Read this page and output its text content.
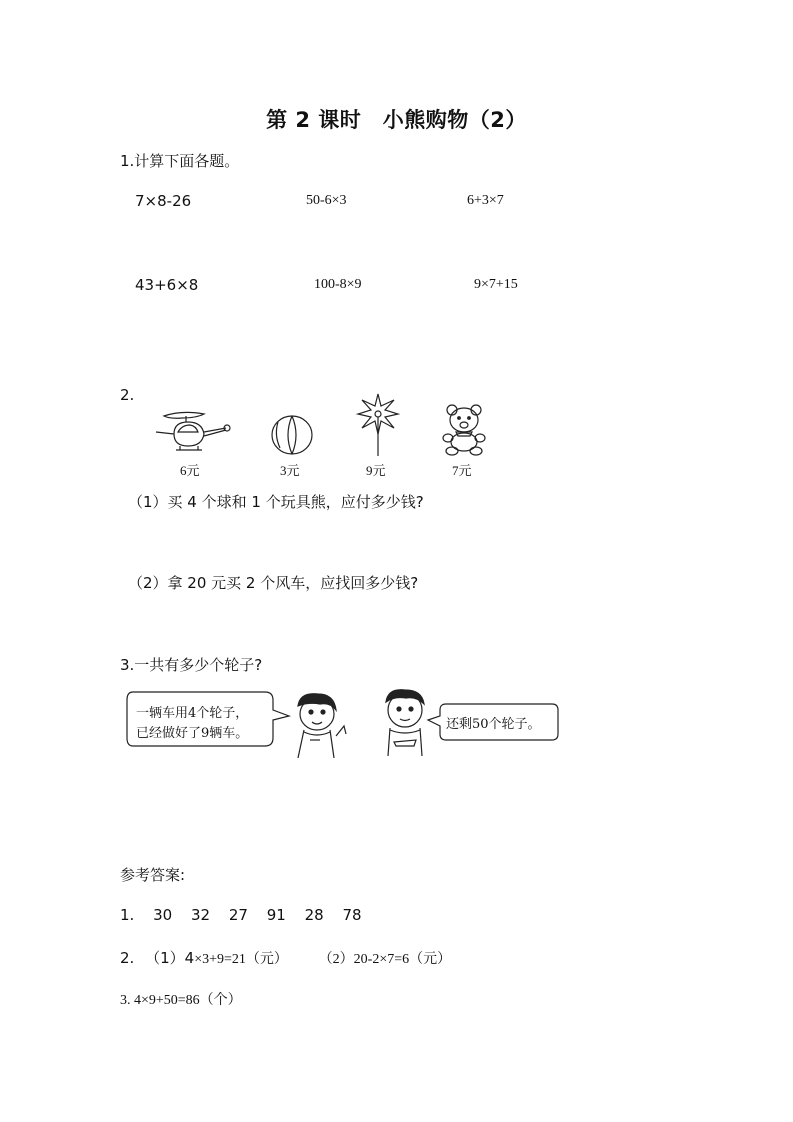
第 2 课时　小熊购物（2）
1.计算下面各题。
7×8-26	50-6×3	6+3×7
43+6×8	100-8×9	9×7+15
2.
6元	3元	9元	7元
（1）买 4 个球和 1 个玩具熊，应付多少钱?
（2）拿 20 元买 2 个风车，应找回多少钱?
3.一共有多少个轮子?
一辆车用4个轮子，
已经做好了9辆车。
还剩50个轮子。
参考答案:
1. 30 32 27 91 28 78
2. （1）4×3+9=21（元） （2）20-2×7=6（元）
3. 4×9+50=86（个）
